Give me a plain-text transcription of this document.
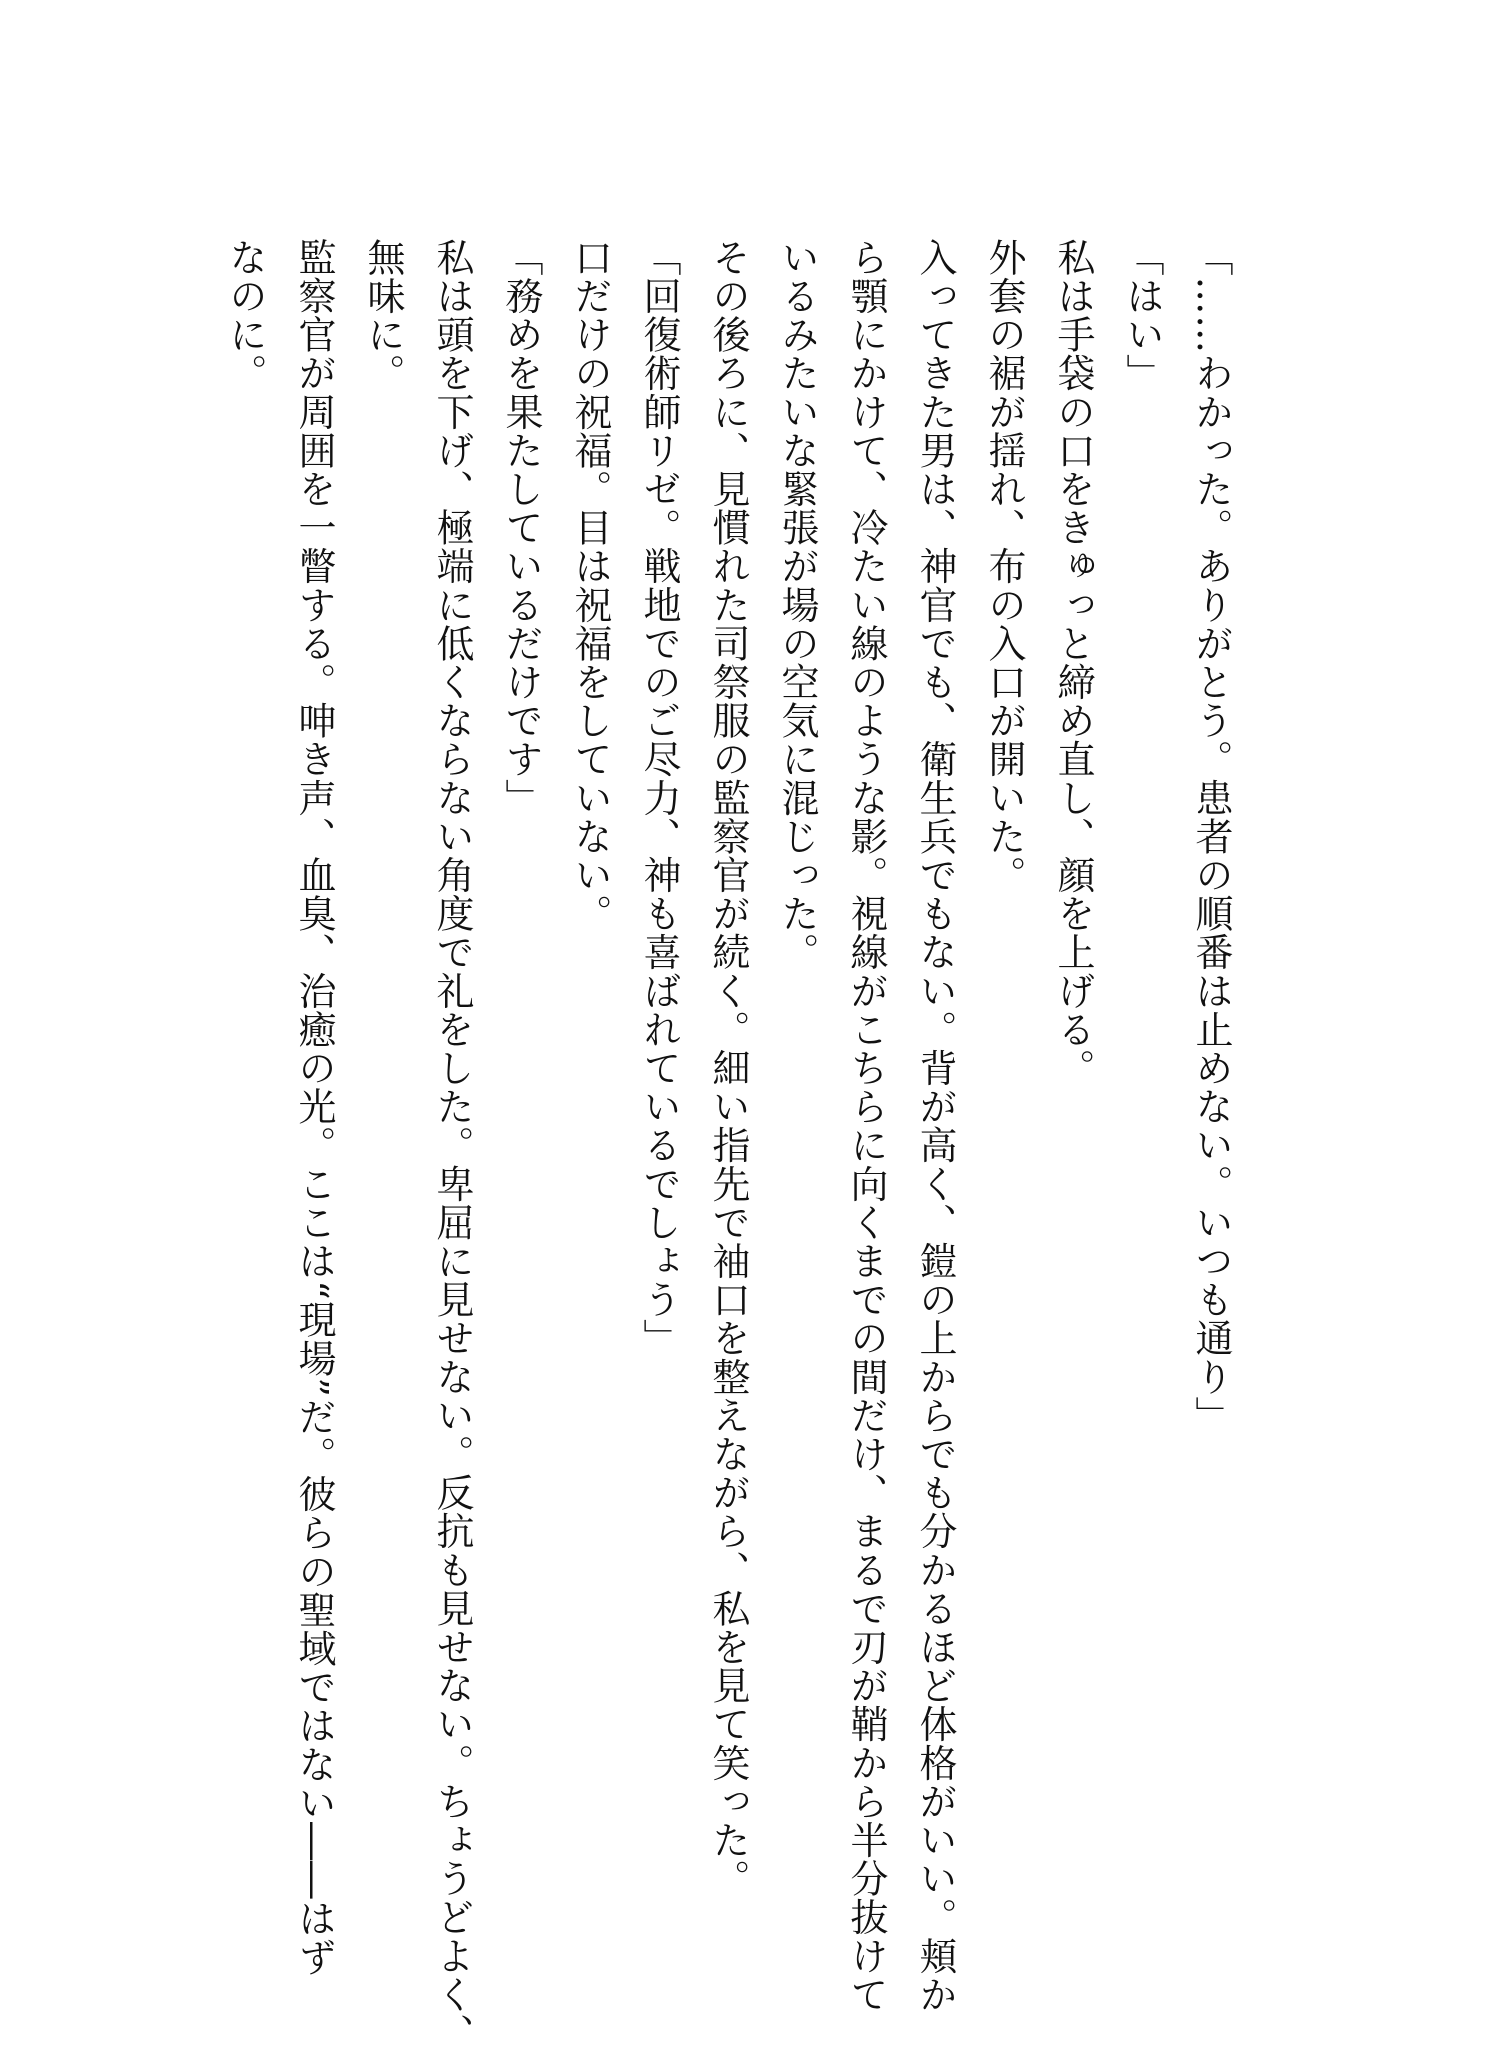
「……わかった。ありがとう。患者の順番は止めない。いつも通り」

「はい」

私は手袋の口をきゅっと締め直し、顔を上げる。

外套の裾が揺れ、布の入口が開いた。

入ってきた男は、神官でも、衛生兵でもない。背が高く、鎧の上からでも分かるほど体格がいい。頬か

ら顎にかけて、冷たい線のような影。視線がこちらに向くまでの間だけ、まるで刃が鞘から半分抜けて

いるみたいな緊張が場の空気に混じった。

その後ろに、見慣れた司祭服の監察官が続く。細い指先で袖口を整えながら、私を見て笑った。

「回復術師リゼ。戦地でのご尽力、神も喜ばれているでしょう」

口だけの祝福。目は祝福をしていない。

「務めを果たしているだけです」

私は頭を下げ、極端に低くならない角度で礼をした。卑屈に見せない。反抗も見せない。ちょうどよく、

無味に。

監察官が周囲を一瞥する。呻き声、血臭、治癒の光。ここは“現場”だ。彼らの聖域ではない――はず

なのに。
